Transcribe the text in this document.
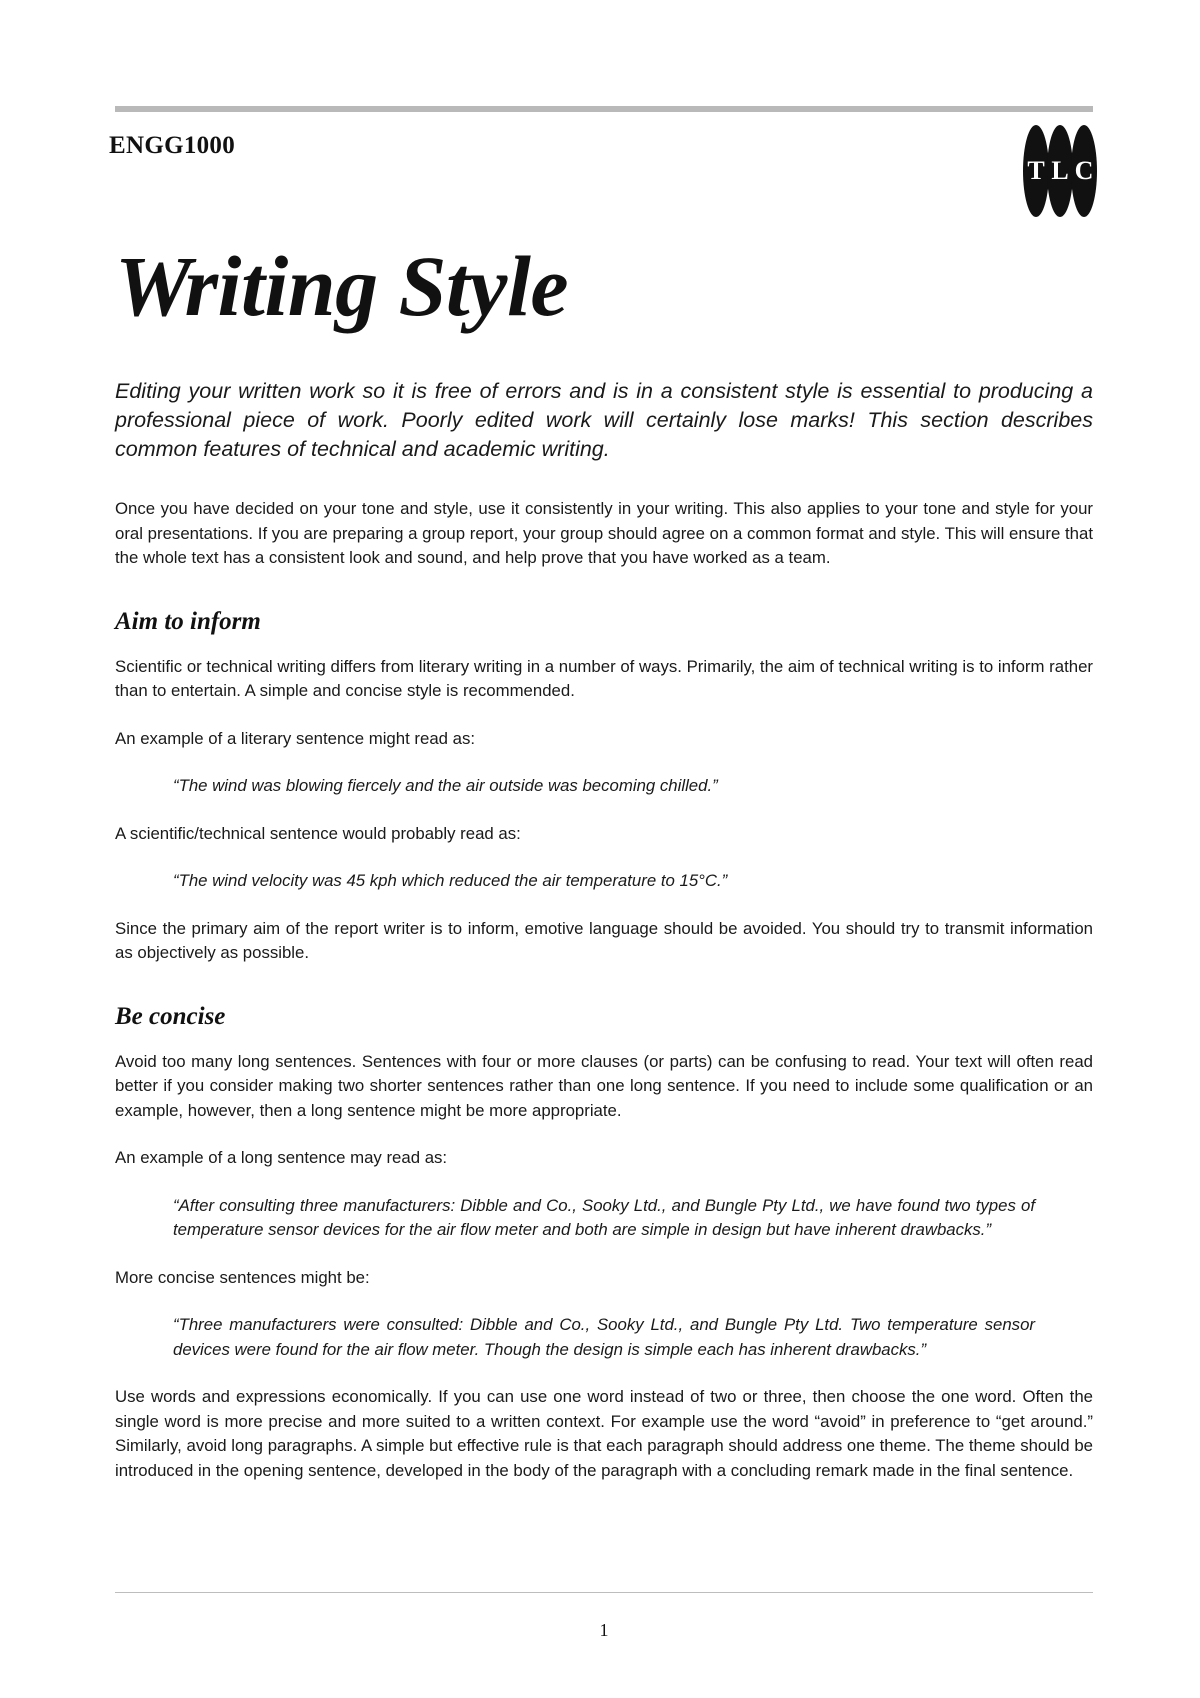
ENGG1000
T L C
Writing Style

Editing your written work so it is free of errors and is in a consistent style is essential to producing a professional piece of work. Poorly edited work will certainly lose marks! This section describes common features of technical and academic writing.

Once you have decided on your tone and style, use it consistently in your writing. This also applies to your tone and style for your oral presentations. If you are preparing a group report, your group should agree on a common format and style. This will ensure that the whole text has a consistent look and sound, and help prove that you have worked as a team.

Aim to inform

Scientific or technical writing differs from literary writing in a number of ways. Primarily, the aim of technical writing is to inform rather than to entertain. A simple and concise style is recommended.

An example of a literary sentence might read as:

“The wind was blowing fiercely and the air outside was becoming chilled.”

A scientific/technical sentence would probably read as:

“The wind velocity was 45 kph which reduced the air temperature to 15°C.”

Since the primary aim of the report writer is to inform, emotive language should be avoided. You should try to transmit information as objectively as possible.

Be concise

Avoid too many long sentences. Sentences with four or more clauses (or parts) can be confusing to read. Your text will often read better if you consider making two shorter sentences rather than one long sentence. If you need to include some qualification or an example, however, then a long sentence might be more appropriate.

An example of a long sentence may read as:

“After consulting three manufacturers: Dibble and Co., Sooky Ltd., and Bungle Pty Ltd., we have found two types of temperature sensor devices for the air flow meter and both are simple in design but have inherent drawbacks.”

More concise sentences might be:

“Three manufacturers were consulted: Dibble and Co., Sooky Ltd., and Bungle Pty Ltd. Two temperature sensor devices were found for the air flow meter. Though the design is simple each has inherent drawbacks.”

Use words and expressions economically. If you can use one word instead of two or three, then choose the one word. Often the single word is more precise and more suited to a written context. For example use the word “avoid” in preference to “get around.” Similarly, avoid long paragraphs. A simple but effective rule is that each paragraph should address one theme. The theme should be introduced in the opening sentence, developed in the body of the paragraph with a concluding remark made in the final sentence.

1
